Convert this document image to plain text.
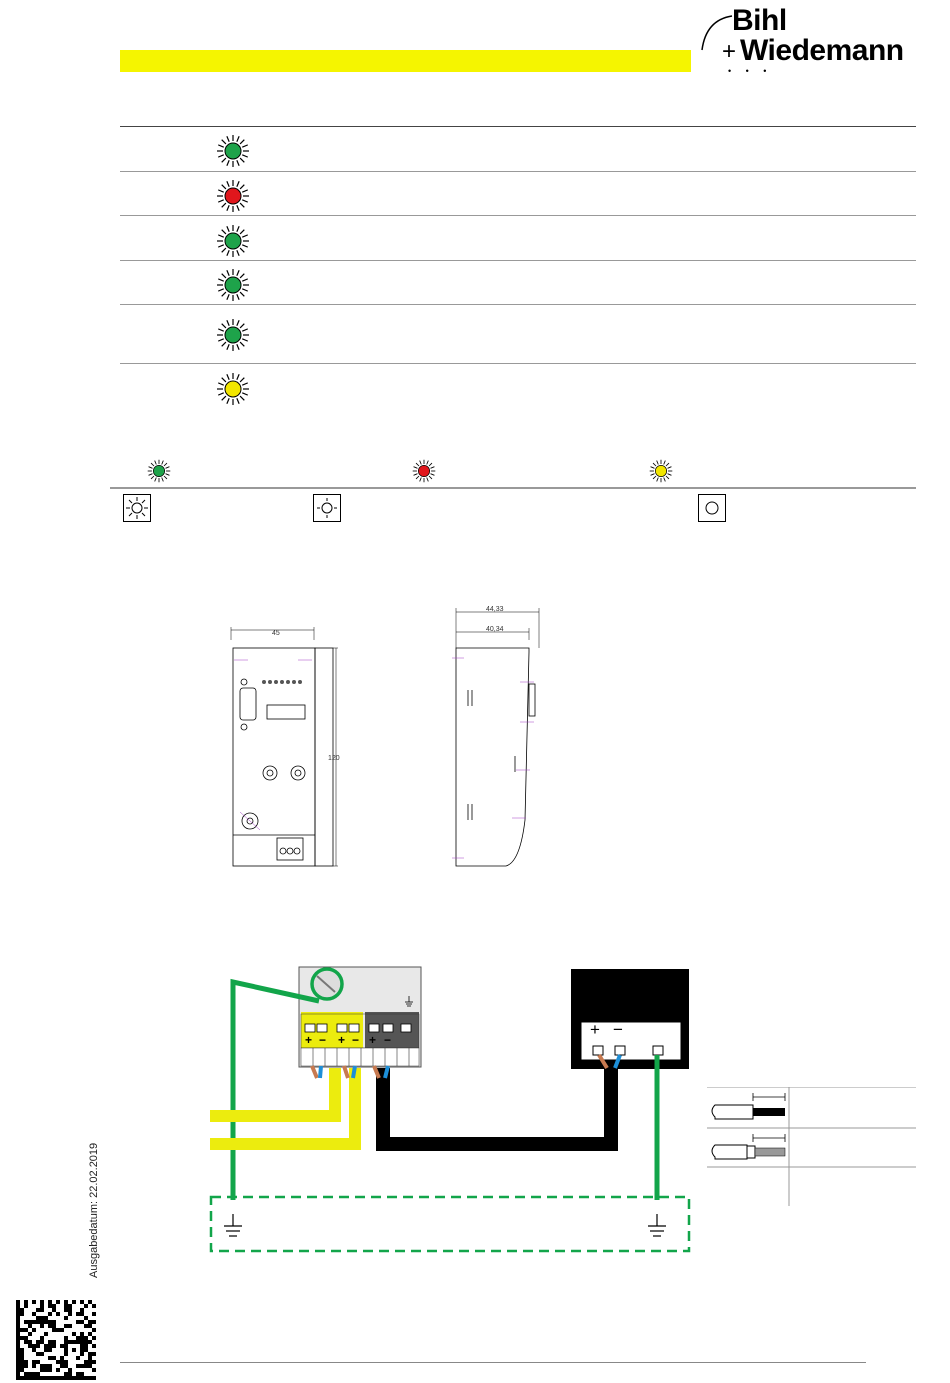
Bihl
+ Wiedemann
• • •
45
120
44,33
40,34
+ − + − + −
+ −
Ausgabedatum: 22.02.2019
